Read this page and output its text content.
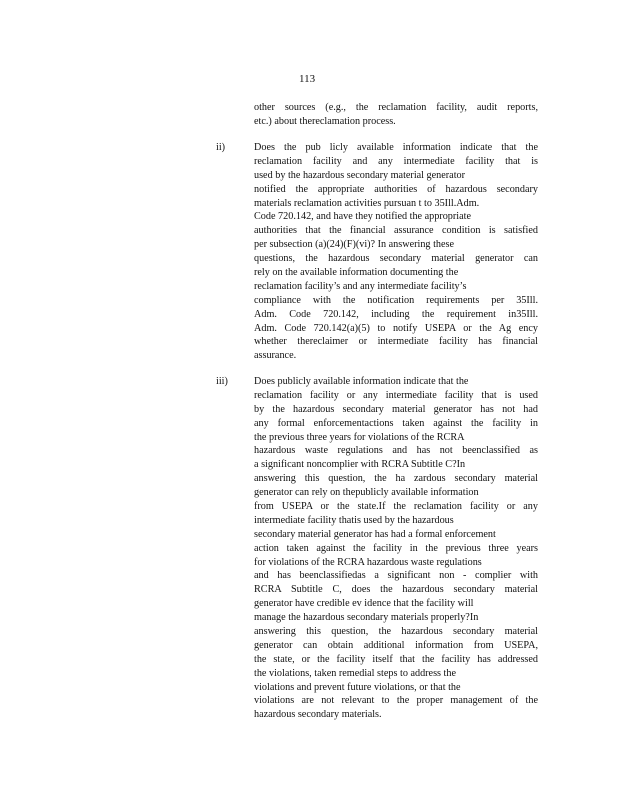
113
other sources (e.g., the reclamation facility, audit reports,
etc.) about thereclamation process.
ii)	Does the pub licly available information indicate that the
reclamation facility and any intermediate facility that is
used by the hazardous secondary material generator
notified the appropriate authorities of hazardous secondary
materials reclamation activities pursuan t to 35Ill.Adm.
Code 720.142, and have they notified the appropriate
authorities that the financial assurance condition is satisfied
per subsection (a)(24)(F)(vi)? In answering these
questions, the hazardous secondary material generator can
rely on the available information documenting the
reclamation facility’s and any intermediate facility’s
compliance with the notification requirements per 35Ill.
Adm. Code 720.142, including the requirement in35Ill.
Adm. Code 720.142(a)(5) to notify USEPA or the Ag ency
whether thereclaimer or intermediate facility has financial
assurance.
iii)	Does publicly available information indicate that the
reclamation facility or any intermediate facility that is used
by the hazardous secondary material generator has not had
any formal enforcementactions taken against the facility in
the previous three years for violations of the RCRA
hazardous waste regulations and has not beenclassified as
a significant noncomplier with RCRA Subtitle C?In
answering this question, the ha zardous secondary material
generator can rely on thepublicly available information
from USEPA or the state.If the reclamation facility or any
intermediate facility thatis used by the hazardous
secondary material generator has had a formal enforcement
action taken against the facility in the previous three years
for violations of the RCRA hazardous waste regulations
and has beenclassifiedas a significant non - complier with
RCRA Subtitle C, does the hazardous secondary material
generator have credible ev idence that the facility will
manage the hazardous secondary materials properly?In
answering this question, the hazardous secondary material
generator can obtain additional information from USEPA,
the state, or the facility itself that the facility has addressed
the violations, taken remedial steps to address the
violations and prevent future violations, or that the
violations are not relevant to the proper management of the
hazardous secondary materials.
